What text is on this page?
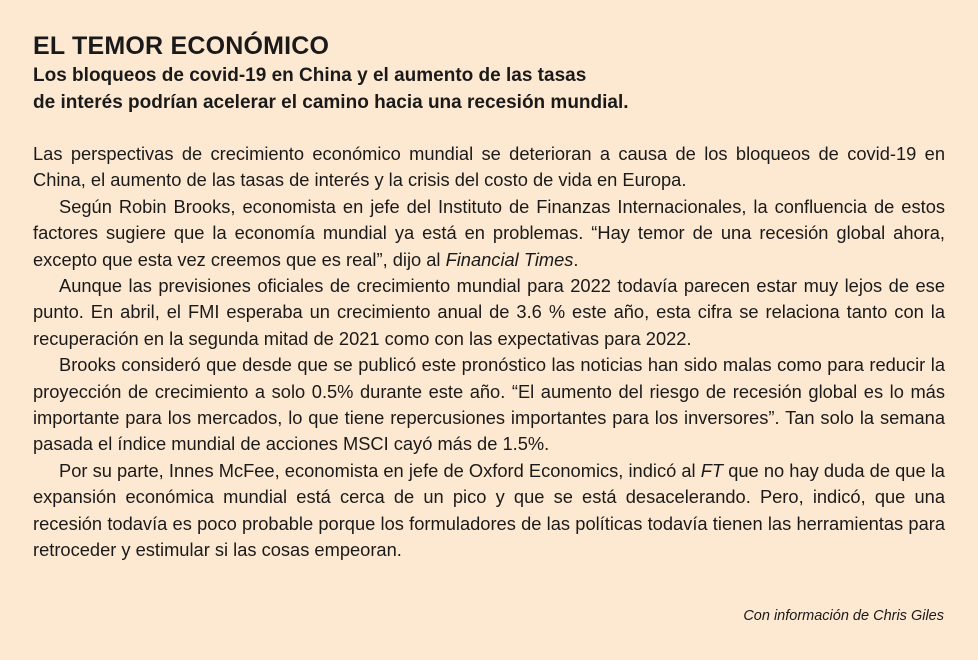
EL TEMOR ECONÓMICO
Los bloqueos de covid-19 en China y el aumento de las tasas
de interés podrían acelerar el camino hacia una recesión mundial.

Las perspectivas de crecimiento económico mundial se deterioran a causa de los bloqueos de covid-19 en China, el aumento de las tasas de interés y la crisis del costo de vida en Europa.

Según Robin Brooks, economista en jefe del Instituto de Finanzas Internacionales, la confluencia de estos factores sugiere que la economía mundial ya está en problemas. “Hay temor de una recesión global ahora, excepto que esta vez creemos que es real”, dijo al Financial Times.

Aunque las previsiones oficiales de crecimiento mundial para 2022 todavía parecen estar muy lejos de ese punto. En abril, el FMI esperaba un crecimiento anual de 3.6 % este año, esta cifra se relaciona tanto con la recuperación en la segunda mitad de 2021 como con las expectativas para 2022.

Brooks consideró que desde que se publicó este pronóstico las noticias han sido malas como para reducir la proyección de crecimiento a solo 0.5% durante este año. “El aumento del riesgo de recesión global es lo más importante para los mercados, lo que tiene repercusiones importantes para los inversores”. Tan solo la semana pasada el índice mundial de acciones MSCI cayó más de 1.5%.

Por su parte, Innes McFee, economista en jefe de Oxford Economics, indicó al FT que no hay duda de que la expansión económica mundial está cerca de un pico y que se está desacelerando. Pero, indicó, que una recesión todavía es poco probable porque los formuladores de las políticas todavía tienen las herramientas para retroceder y estimular si las cosas empeoran.

Con información de Chris Giles
